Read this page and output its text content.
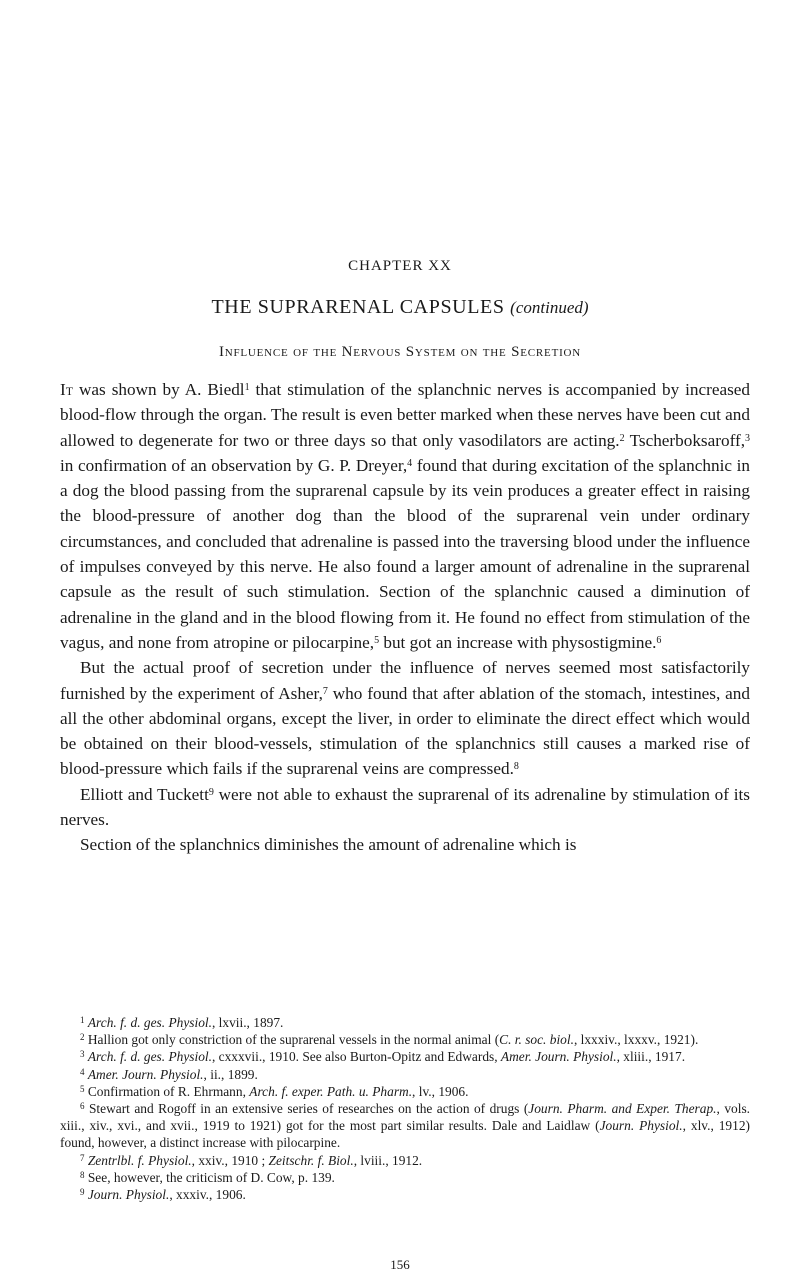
CHAPTER XX
THE SUPRARENAL CAPSULES (continued)
Influence of the Nervous System on the Secretion

It was shown by A. Biedl$^1$ that stimulation of the splanchnic nerves is accompanied by increased blood-flow through the organ. The result is even better marked when these nerves have been cut and allowed to degenerate for two or three days so that only vasodilators are acting.$^2$ Tscherboksaroff,$^3$ in confirmation of an observation by G. P. Dreyer,$^4$ found that during excitation of the splanchnic in a dog the blood passing from the suprarenal capsule by its vein produces a greater effect in raising the blood-pressure of another dog than the blood of the suprarenal vein under ordinary circumstances, and concluded that adrenaline is passed into the traversing blood under the influence of impulses conveyed by this nerve. He also found a larger amount of adrenaline in the suprarenal capsule as the result of such stimulation. Section of the splanchnic caused a diminution of adrenaline in the gland and in the blood flowing from it. He found no effect from stimulation of the vagus, and none from atropine or pilocarpine,$^5$ but got an increase with physostigmine.$^6$

But the actual proof of secretion under the influence of nerves seemed most satisfactorily furnished by the experiment of Asher,$^7$ who found that after ablation of the stomach, intestines, and all the other abdominal organs, except the liver, in order to eliminate the direct effect which would be obtained on their blood-vessels, stimulation of the splanchnics still causes a marked rise of blood-pressure which fails if the suprarenal veins are compressed.$^8$

Elliott and Tuckett$^9$ were not able to exhaust the suprarenal of its adrenaline by stimulation of its nerves.

Section of the splanchnics diminishes the amount of adrenaline which is

$^1$ Arch. f. d. ges. Physiol., lxvii., 1897.

$^2$ Hallion got only constriction of the suprarenal vessels in the normal animal (C. r. soc. biol., lxxxiv., lxxxv., 1921).

$^3$ Arch. f. d. ges. Physiol., cxxxvii., 1910. See also Burton-Opitz and Edwards, Amer. Journ. Physiol., xliii., 1917.

$^4$ Amer. Journ. Physiol., ii., 1899.

$^5$ Confirmation of R. Ehrmann, Arch. f. exper. Path. u. Pharm., lv., 1906.

$^6$ Stewart and Rogoff in an extensive series of researches on the action of drugs (Journ. Pharm. and Exper. Therap., vols. xiii., xiv., xvi., and xvii., 1919 to 1921) got for the most part similar results. Dale and Laidlaw (Journ. Physiol., xlv., 1912) found, however, a distinct increase with pilocarpine.

$^7$ Zentrlbl. f. Physiol., xxiv., 1910 ; Zeitschr. f. Biol., lviii., 1912.

$^8$ See, however, the criticism of D. Cow, p. 139.

$^9$ Journ. Physiol., xxxiv., 1906.

156
